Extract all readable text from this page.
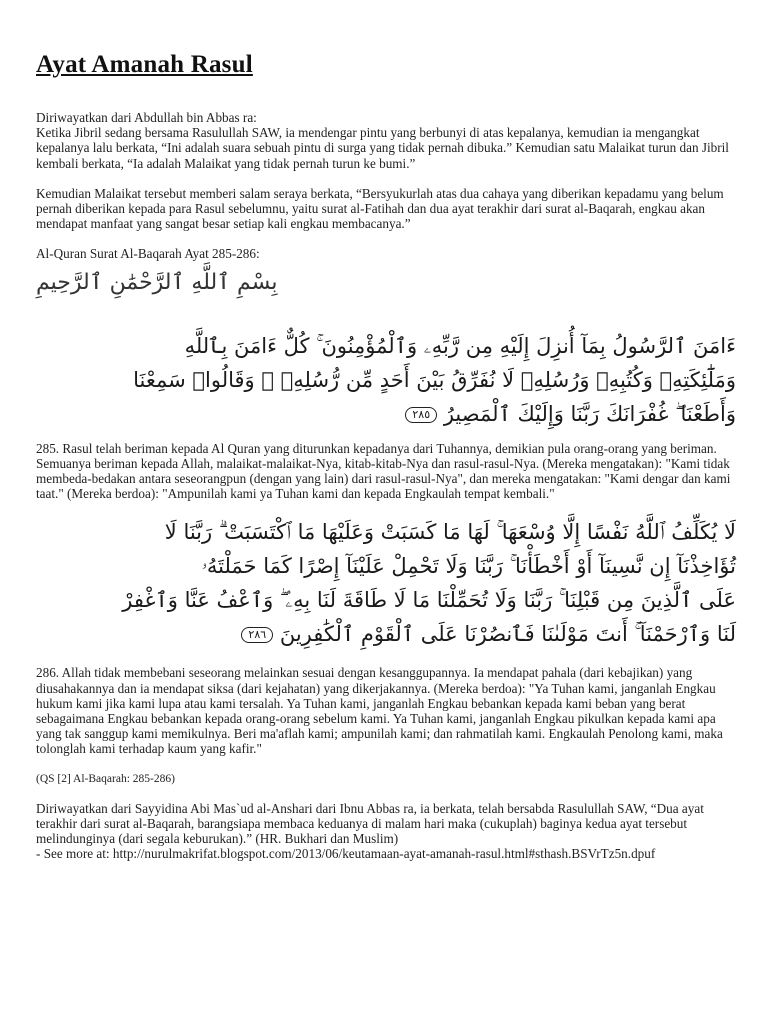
Ayat Amanah Rasul

Diriwayatkan dari Abdullah bin Abbas ra:

Ketika Jibril sedang bersama Rasulullah SAW, ia mendengar pintu yang berbunyi di atas kepalanya, kemudian ia mengangkat kepalanya lalu berkata, “Ini adalah suara sebuah pintu di surga yang tidak pernah dibuka.” Kemudian satu Malaikat turun dan Jibril kembali berkata, “Ia adalah Malaikat yang tidak pernah turun ke bumi.”

Kemudian Malaikat tersebut memberi salam seraya berkata, “Bersyukurlah atas dua cahaya yang diberikan kepadamu yang belum pernah diberikan kepada para Rasul sebelumnu, yaitu surat al-Fatihah dan dua ayat terakhir dari surat al-Baqarah, engkau akan mendapat manfaat yang sangat besar setiap kali engkau membacanya.”

Al-Quran Surat Al-Baqarah Ayat 285-286:

بِسْمِ ٱللَّهِ ٱلرَّحْمَٰنِ ٱلرَّحِيمِ
ءَامَنَ ٱلرَّسُولُ بِمَآ أُنزِلَ إِلَيْهِ مِن رَّبِّهِۦ وَٱلْمُؤْمِنُونَ ۚ كُلٌّ ءَامَنَ بِٱللَّهِ
وَمَلَٰٓئِكَتِهِۦ وَكُتُبِهِۦ وَرُسُلِهِۦ لَا نُفَرِّقُ بَيْنَ أَحَدٍ مِّن رُّسُلِهِۦ ۚ وَقَالُوا۟ سَمِعْنَا
وَأَطَعْنَا ۖ غُفْرَانَكَ رَبَّنَا وَإِلَيْكَ ٱلْمَصِيرُ ٢٨٥

285. Rasul telah beriman kepada Al Quran yang diturunkan kepadanya dari Tuhannya, demikian pula orang-orang yang beriman. Semuanya beriman kepada Allah, malaikat-malaikat-Nya, kitab-kitab-Nya dan rasul-rasul-Nya. (Mereka mengatakan): "Kami tidak membeda-bedakan antara seseorangpun (dengan yang lain) dari rasul-rasul-Nya", dan mereka mengatakan: "Kami dengar dan kami taat." (Mereka berdoa): "Ampunilah kami ya Tuhan kami dan kepada Engkaulah tempat kembali."

لَا يُكَلِّفُ ٱللَّهُ نَفْسًا إِلَّا وُسْعَهَا ۚ لَهَا مَا كَسَبَتْ وَعَلَيْهَا مَا ٱكْتَسَبَتْ ۗ رَبَّنَا لَا
تُؤَاخِذْنَآ إِن نَّسِينَآ أَوْ أَخْطَأْنَا ۚ رَبَّنَا وَلَا تَحْمِلْ عَلَيْنَآ إِصْرًا كَمَا حَمَلْتَهُۥ
عَلَى ٱلَّذِينَ مِن قَبْلِنَا ۚ رَبَّنَا وَلَا تُحَمِّلْنَا مَا لَا طَاقَةَ لَنَا بِهِۦ ۖ وَٱعْفُ عَنَّا وَٱغْفِرْ
لَنَا وَٱرْحَمْنَآ ۚ أَنتَ مَوْلَىٰنَا فَٱنصُرْنَا عَلَى ٱلْقَوْمِ ٱلْكَٰفِرِينَ ٢٨٦

286. Allah tidak membebani seseorang melainkan sesuai dengan kesanggupannya. Ia mendapat pahala (dari kebajikan) yang diusahakannya dan ia mendapat siksa (dari kejahatan) yang dikerjakannya. (Mereka berdoa): "Ya Tuhan kami, janganlah Engkau hukum kami jika kami lupa atau kami tersalah. Ya Tuhan kami, janganlah Engkau bebankan kepada kami beban yang berat sebagaimana Engkau bebankan kepada orang-orang sebelum kami. Ya Tuhan kami, janganlah Engkau pikulkan kepada kami apa yang tak sanggup kami memikulnya. Beri ma'aflah kami; ampunilah kami; dan rahmatilah kami. Engkaulah Penolong kami, maka tolonglah kami terhadap kaum yang kafir."

(QS [2] Al-Baqarah: 285-286)

Diriwayatkan dari Sayyidina Abi Mas`ud al-Anshari dari Ibnu Abbas ra, ia berkata, telah bersabda Rasulullah SAW, “Dua ayat terakhir dari surat al-Baqarah, barangsiapa membaca keduanya di malam hari maka (cukuplah) baginya kedua ayat tersebut melindunginya (dari segala keburukan).” (HR. Bukhari dan Muslim)

- See more at: http://nurulmakrifat.blogspot.com/2013/06/keutamaan-ayat-amanah-rasul.html#sthash.BSVrTz5n.dpuf
